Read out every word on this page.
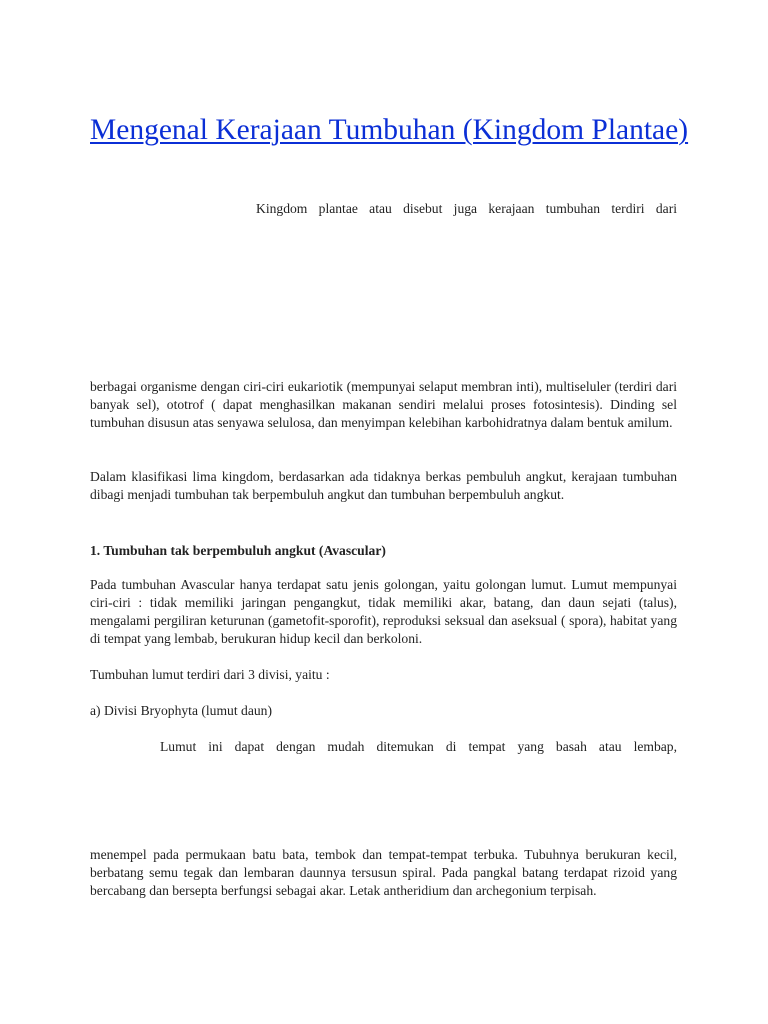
Mengenal Kerajaan Tumbuhan (Kingdom Plantae)

Kingdom plantae atau disebut juga kerajaan tumbuhan terdiri dari

berbagai organisme dengan ciri-ciri eukariotik (mempunyai selaput membran inti), multiseluler (terdiri dari banyak sel), ototrof ( dapat menghasilkan makanan sendiri melalui proses fotosintesis). Dinding sel tumbuhan disusun atas senyawa selulosa, dan menyimpan kelebihan karbohidratnya dalam bentuk amilum.

Dalam klasifikasi lima kingdom, berdasarkan ada tidaknya berkas pembuluh angkut, kerajaan tumbuhan dibagi menjadi tumbuhan tak berpembuluh angkut dan tumbuhan berpembuluh angkut.

1. Tumbuhan tak berpembuluh angkut (Avascular)

Pada tumbuhan Avascular hanya terdapat satu jenis golongan, yaitu golongan lumut. Lumut mempunyai ciri-ciri : tidak memiliki jaringan pengangkut, tidak memiliki akar, batang, dan daun sejati (talus), mengalami pergiliran keturunan (gametofit-sporofit), reproduksi seksual dan aseksual ( spora), habitat yang di tempat yang lembab, berukuran hidup kecil dan berkoloni.

Tumbuhan lumut terdiri dari 3 divisi, yaitu :

a) Divisi Bryophyta (lumut daun)

Lumut ini dapat dengan mudah ditemukan di tempat yang basah atau lembap,

menempel pada permukaan batu bata, tembok dan tempat-tempat terbuka. Tubuhnya berukuran kecil, berbatang semu tegak dan lembaran daunnya tersusun spiral. Pada pangkal batang terdapat rizoid yang bercabang dan bersepta berfungsi sebagai akar. Letak antheridium dan archegonium terpisah.
